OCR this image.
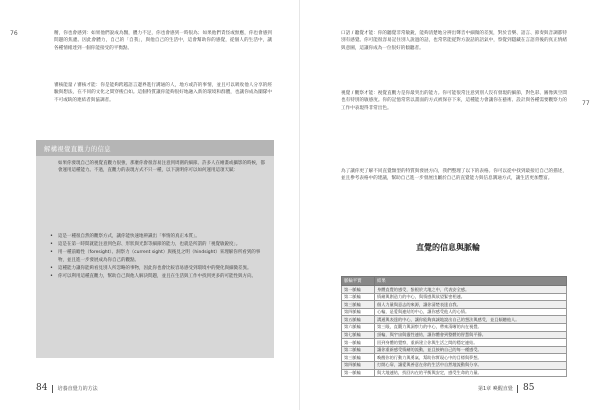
76	精，你也會感到：如果他們說成為醫，體力不足，你也會感到一時很為；如果他們責怪或無應，你也會感到問題的焦慮。因此會體力，自己的「自我」，與他自己的生活中，這會幫助你的感覺，從個人的生活中，讓各種情緒達到一個你能接受的平衡點。

審核能量 / 審核才能：你是能夠跨越語言邊界進行溝通的人，地方或許的事情，並且可以吸收他人分享的經驗與想法，在不同的文化之間穿梭自如。這個特質讓你能夠很好地融入新的環境和群體，也讓你成為團隊中不可或缺的連結者與協調者。

解構視覺直觀力的信息

如果你發現自己的視覺直觀力很強，那麼你會很容易注意到周圍的細節。許多人在繪畫或攝影的時候，都會運用這種能力。不過，直觀力的表現方式不只一種，以下說明你可以如何運用這項天賦：

• 這是一種很自然的觀察方式，讓你能快速地辨識出「事情的真正本質」。
• 這是在第一時間就能注意到色彩、形狀與光影等細節的能力，也就是所謂的「視覺敏銳度」。
• 用一種前瞻性（foresight）、洞察力（current sight）與後見之明（hindsight）來理解你所看到的事物，並且進一步發展成為你自己的觀點。
• 這種能力讓你能夠看見別人所忽略的事物，因此你也會比較容易感受到環境中的變化與細微差異。
• 你可以利用這種直觀力，幫助自己與他人解決問題，並且在生活與工作中找到更多的可能性與方向。
84 培養直覺力的方法
77

口語 / 聽覺才能：你的聽覺非常敏銳，能夠清楚地分辨出聲音中細微的差異，對於音樂、語言、節奏與音調都特別有感覺。你可能很容易記住別人說過的話，也常常能從對方說話的語氣中，察覺到隱藏在言語背後的真正情緒與意圖，這讓你成為一位很好的傾聽者。

視覺 / 觀察才能：視覺直觀力是你最突出的能力。你可能很常注意到別人沒有發現的細節，對色彩、圖像與空間也有特別的敏感度。你的記憶常常以畫面的方式被保存下來，這種能力會讓你在藝術、設計與各種需要觀察力的工作中表現得非常出色。

為了讓你更了解不同直覺類型的特質與發展方向，我們整理了以下的表格。你可以從中找到最接近自己的描述，並且參考表格中的建議，幫助自己進一步發展出屬於自己的直覺能力與信息溝通方式，讓生活更加豐富。

直覺的信息與脈輪
脈輪平實	結果
第一脈輪	身體直覺的感受，紮根於大地之中，代表安全感。
第二脈輪	情緒與創造力的中心，與情感與欲望緊密相連。
第三脈輪	個人力量與意志的來源，讓你清楚表達自我。
第四脈輪	心輪，是愛與連結的中心，讓你感受他人的心情。
第五脈輪	溝通與表達的中心，讓你能夠真誠地說出自己的想法與感受，並且傾聽他人。
第六脈輪	第三眼，直觀力與洞察力的中心，帶來清晰的內在視覺。
第七脈輪	頂輪，與宇宙與靈性連結，讓你體會到整體的智慧與平靜。
第一脈輪	回到身體的覺察，重新建立你與生活之間的穩定連結。
第二脈輪	讓你重新感受情緒的流動，並且接納自己的每一種感受。
第三脈輪	喚醒你的行動力與勇氣，幫助你實現心中的目標與夢想。
第四脈輪	打開心扉，讓愛與善意在你的生活中自然地流動與分享。
第一脈輪	與大地連結，找回內在的平衡與安定，感受生命的力量。
第1章 喚醒直覺 85
